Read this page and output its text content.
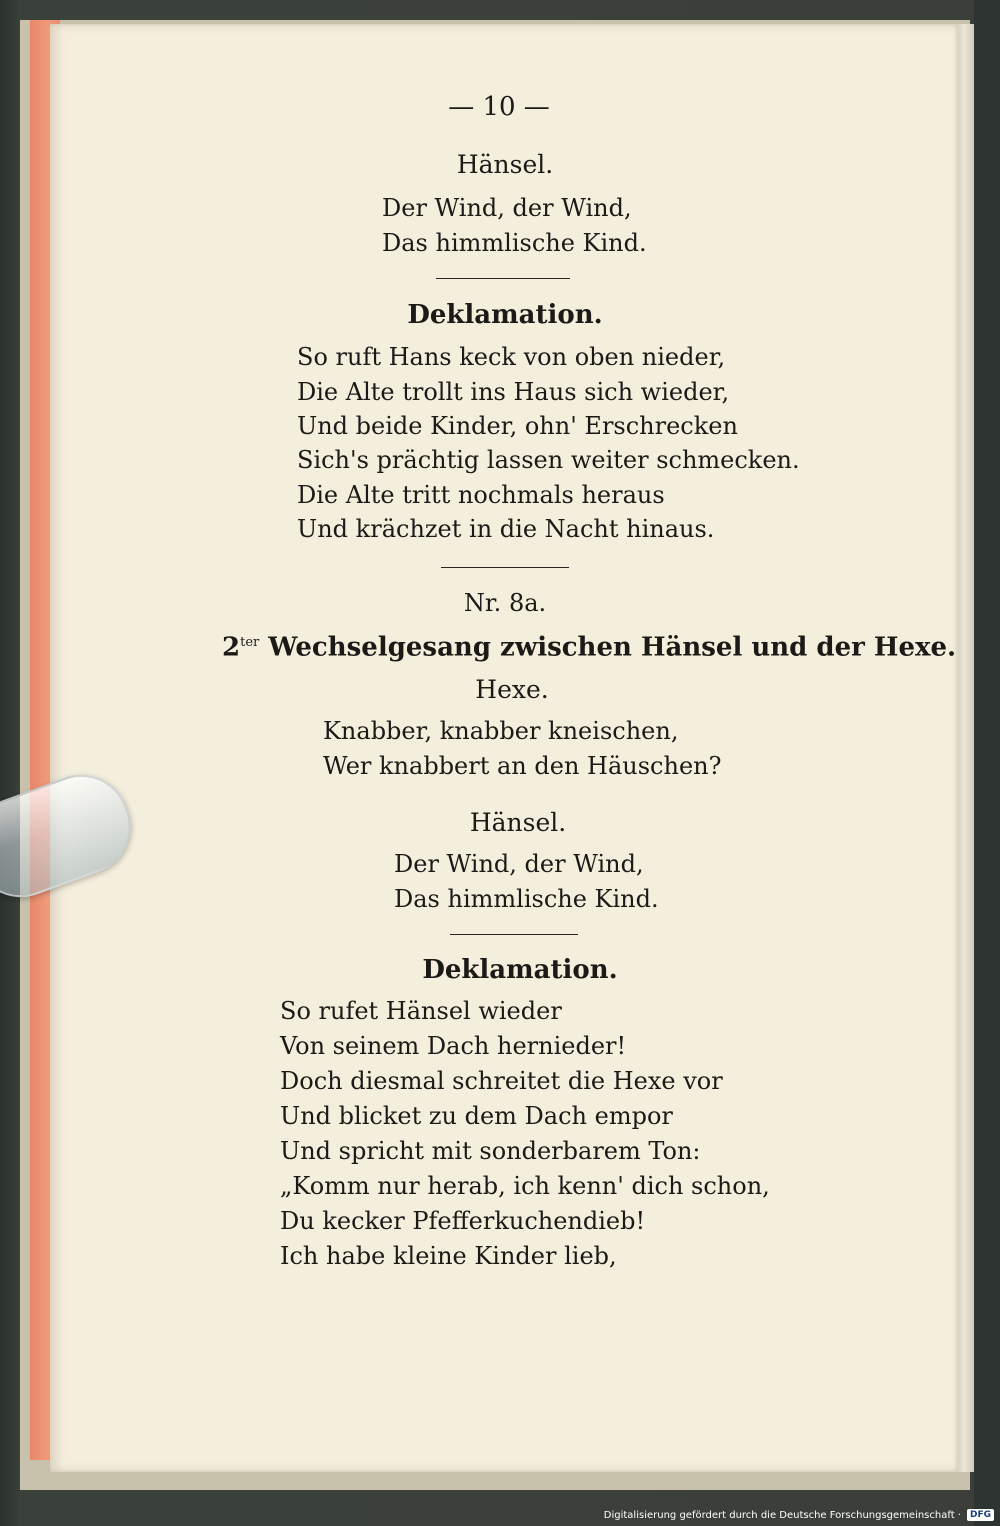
— 10 —
Hänsel.
Der Wind, der Wind,
Das himmlische Kind.
Deklamation.
So ruft Hans keck von oben nieder,
Die Alte trollt ins Haus sich wieder,
Und beide Kinder, ohn' Erschrecken
Sich's prächtig lassen weiter schmecken.
Die Alte tritt nochmals heraus
Und krächzet in die Nacht hinaus.
Nr. 8a.
$2^{ter}$ Wechselgesang zwischen Hänsel und der Hexe.
Hexe.
Knabber, knabber kneischen,
Wer knabbert an den Häuschen?
Hänsel.
Der Wind, der Wind,
Das himmlische Kind.
Deklamation.
So rufet Hänsel wieder
Von seinem Dach hernieder!
Doch diesmal schreitet die Hexe vor
Und blicket zu dem Dach empor
Und spricht mit sonderbarem Ton:
„Komm nur herab, ich kenn' dich schon,
Du kecker Pfefferkuchendieb!
Ich habe kleine Kinder lieb,
Digitalisierung gefördert durch die Deutsche Forschungsgemeinschaft ·	DFG
